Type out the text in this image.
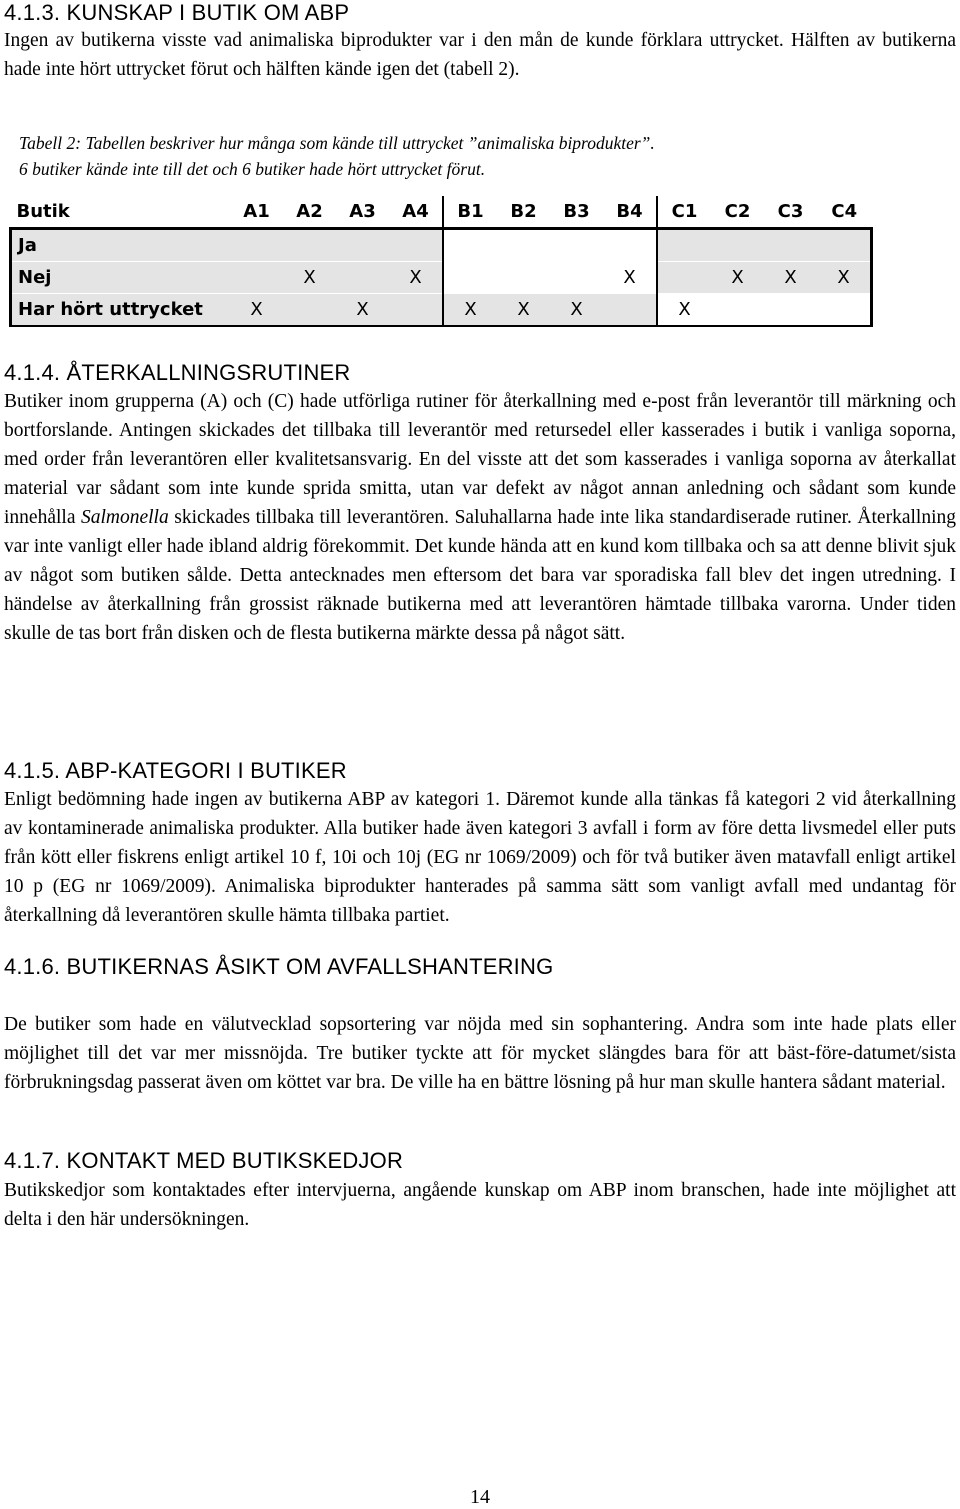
4.1.3. KUNSKAP I BUTIK OM ABP

Ingen av butikerna visste vad animaliska biprodukter var i den mån de kunde förklara uttrycket. Hälften av butikerna hade inte hört uttrycket förut och hälften kände igen det (tabell 2).

Tabell 2: Tabellen beskriver hur många som kände till uttrycket ”animaliska biprodukter”.

6 butiker kände inte till det och 6 butiker hade hört uttrycket förut.

Butik	A1	A2	A3	A4	B1	B2	B3	B4	C1	C2	C3	C4
Ja												
Nej		X		X				X		X	X	X
Har hört uttrycket	X		X		X	X	X		X			
4.1.4. ÅTERKALLNINGSRUTINER

Butiker inom grupperna (A) och (C) hade utförliga rutiner för återkallning med e-post från leverantör till märkning och bortforslande. Antingen skickades det tillbaka till leverantör med retursedel eller kasserades i butik i vanliga soporna, med order från leverantören eller kvalitetsansvarig. En del visste att det som kasserades i vanliga soporna av återkallat material var sådant som inte kunde sprida smitta, utan var defekt av något annan anledning och sådant som kunde innehålla Salmonella skickades tillbaka till leverantören. Saluhallarna hade inte lika standardiserade rutiner. Återkallning var inte vanligt eller hade ibland aldrig förekommit. Det kunde hända att en kund kom tillbaka och sa att denne blivit sjuk av något som butiken sålde. Detta antecknades men eftersom det bara var sporadiska fall blev det ingen utredning. I händelse av återkallning från grossist räknade butikerna med att leverantören hämtade tillbaka varorna. Under tiden skulle de tas bort från disken och de flesta butikerna märkte dessa på något sätt.

4.1.5. ABP-KATEGORI I BUTIKER

Enligt bedömning hade ingen av butikerna ABP av kategori 1. Däremot kunde alla tänkas få kategori 2 vid återkallning av kontaminerade animaliska produkter. Alla butiker hade även kategori 3 avfall i form av före detta livsmedel eller puts från kött eller fiskrens enligt artikel 10 f, 10i och 10j (EG nr 1069/2009) och för två butiker även matavfall enligt artikel 10 p (EG nr 1069/2009). Animaliska biprodukter hanterades på samma sätt som vanligt avfall med undantag för återkallning då leverantören skulle hämta tillbaka partiet.

4.1.6. BUTIKERNAS ÅSIKT OM AVFALLSHANTERING

De butiker som hade en välutvecklad sopsortering var nöjda med sin sophantering. Andra som inte hade plats eller möjlighet till det var mer missnöjda. Tre butiker tyckte att för mycket slängdes bara för att bäst-före-datumet/sista förbrukningsdag passerat även om köttet var bra. De ville ha en bättre lösning på hur man skulle hantera sådant material.

4.1.7. KONTAKT MED BUTIKSKEDJOR

Butikskedjor som kontaktades efter intervjuerna, angående kunskap om ABP inom branschen, hade inte möjlighet att delta i den här undersökningen.

14
